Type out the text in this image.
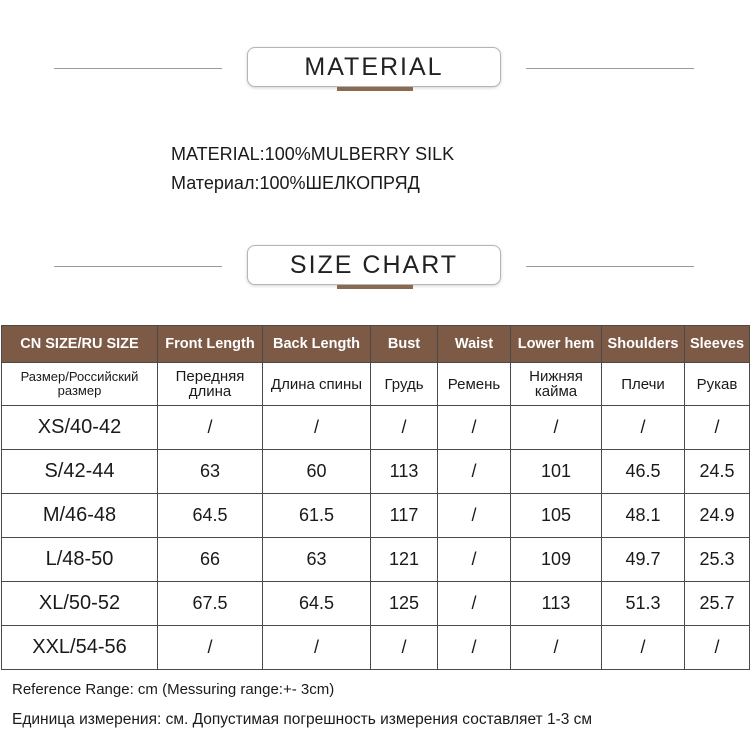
MATERIAL
MATERIAL:100%MULBERRY SILK
Материал:100%ШЕЛКОПРЯД
SIZE CHART
CN SIZE/RU SIZE	Front Length	Back Length	Bust	Waist	Lower hem	Shoulders	Sleeves
Размер/Российский размер	Передняя длина	Длина спины	Грудь	Ремень	Нижняя кайма	Плечи	Рукав
XS/40-42	/	/	/	/	/	/	/
S/42-44	63	60	113	/	101	46.5	24.5
M/46-48	64.5	61.5	117	/	105	48.1	24.9
L/48-50	66	63	121	/	109	49.7	25.3
XL/50-52	67.5	64.5	125	/	113	51.3	25.7
XXL/54-56	/	/	/	/	/	/	/
Reference Range: cm (Messuring range:+- 3cm)
Единица измерения: см. Допустимая погрешность измерения составляет 1-3 см
